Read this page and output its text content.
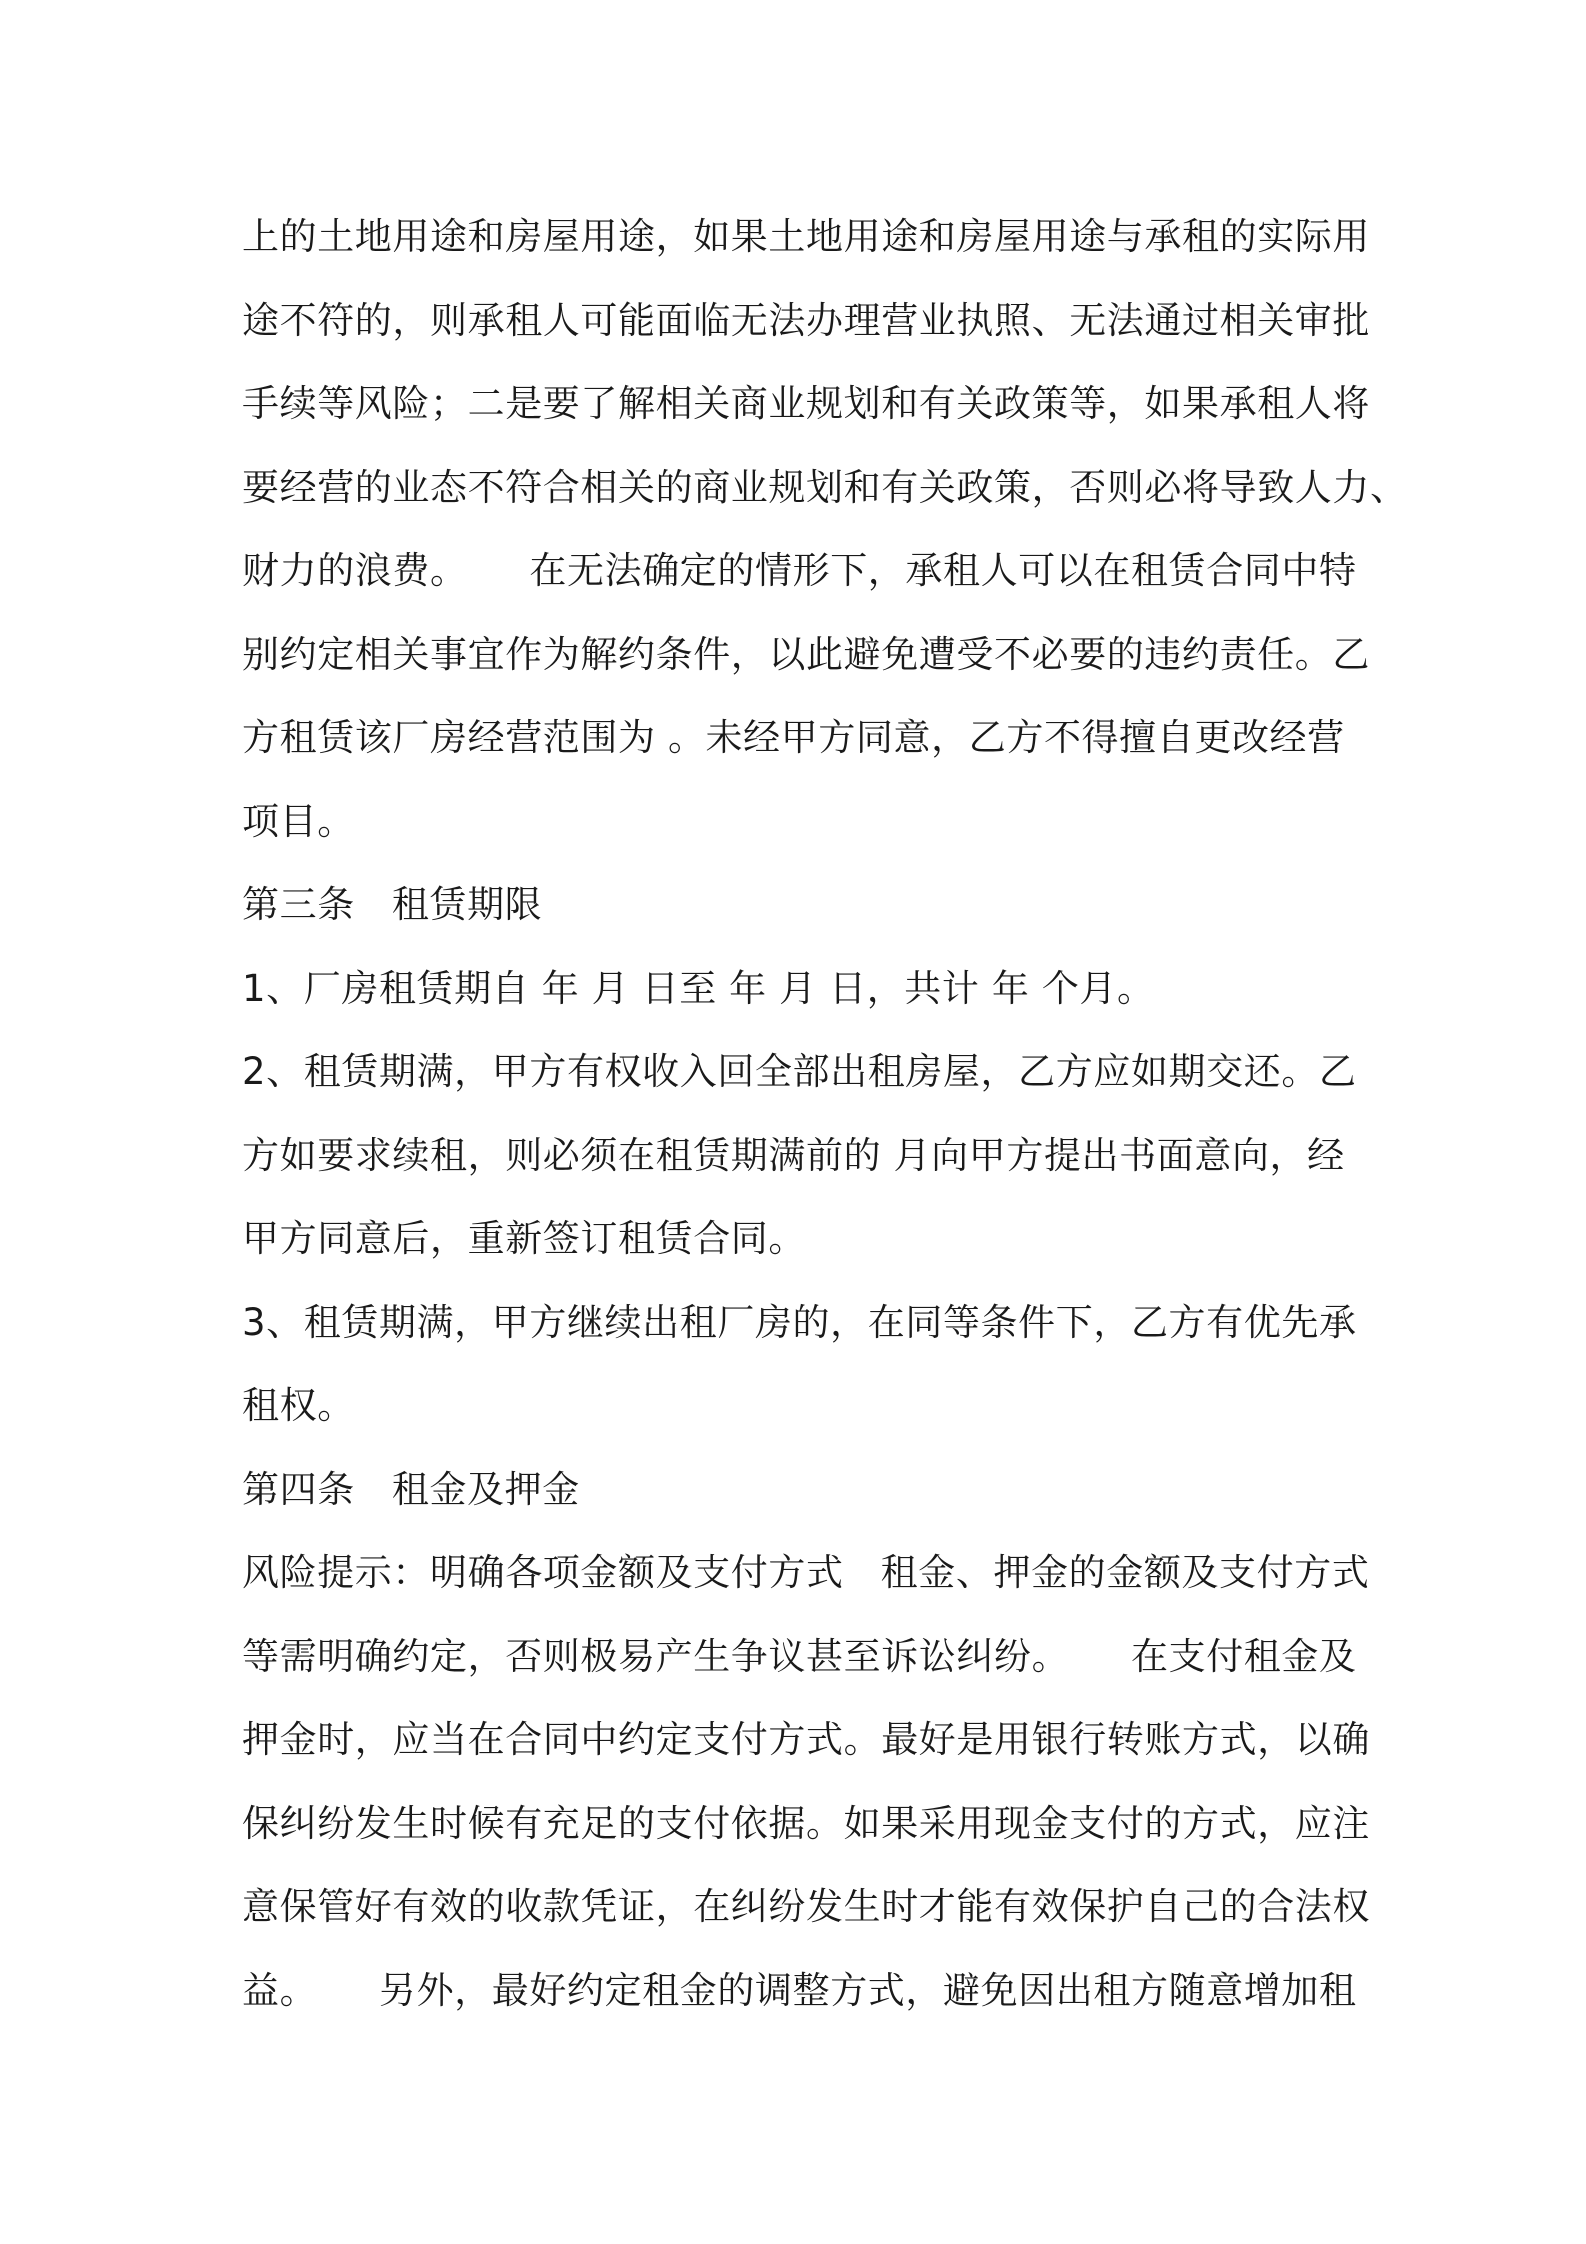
上的土地用途和房屋用途，如果土地用途和房屋用途与承租的实际用
途不符的，则承租人可能面临无法办理营业执照、无法通过相关审批
手续等风险；二是要了解相关商业规划和有关政策等，如果承租人将
要经营的业态不符合相关的商业规划和有关政策，否则必将导致人力、
财力的浪费。     在无法确定的情形下，承租人可以在租赁合同中特
别约定相关事宜作为解约条件，以此避免遭受不必要的违约责任。乙
方租赁该厂房经营范围为 。未经甲方同意，乙方不得擅自更改经营
项目。
第三条   租赁期限
1、厂房租赁期自 年 月 日至 年 月 日，共计 年 个月。
2、租赁期满，甲方有权收入回全部出租房屋，乙方应如期交还。乙
方如要求续租，则必须在租赁期满前的 月向甲方提出书面意向，经
甲方同意后，重新签订租赁合同。
3、租赁期满，甲方继续出租厂房的，在同等条件下，乙方有优先承
租权。
第四条   租金及押金
风险提示：明确各项金额及支付方式   租金、押金的金额及支付方式
等需明确约定，否则极易产生争议甚至诉讼纠纷。     在支付租金及
押金时，应当在合同中约定支付方式。最好是用银行转账方式，以确
保纠纷发生时候有充足的支付依据。如果采用现金支付的方式，应注
意保管好有效的收款凭证，在纠纷发生时才能有效保护自己的合法权
益。     另外，最好约定租金的调整方式，避免因出租方随意增加租
